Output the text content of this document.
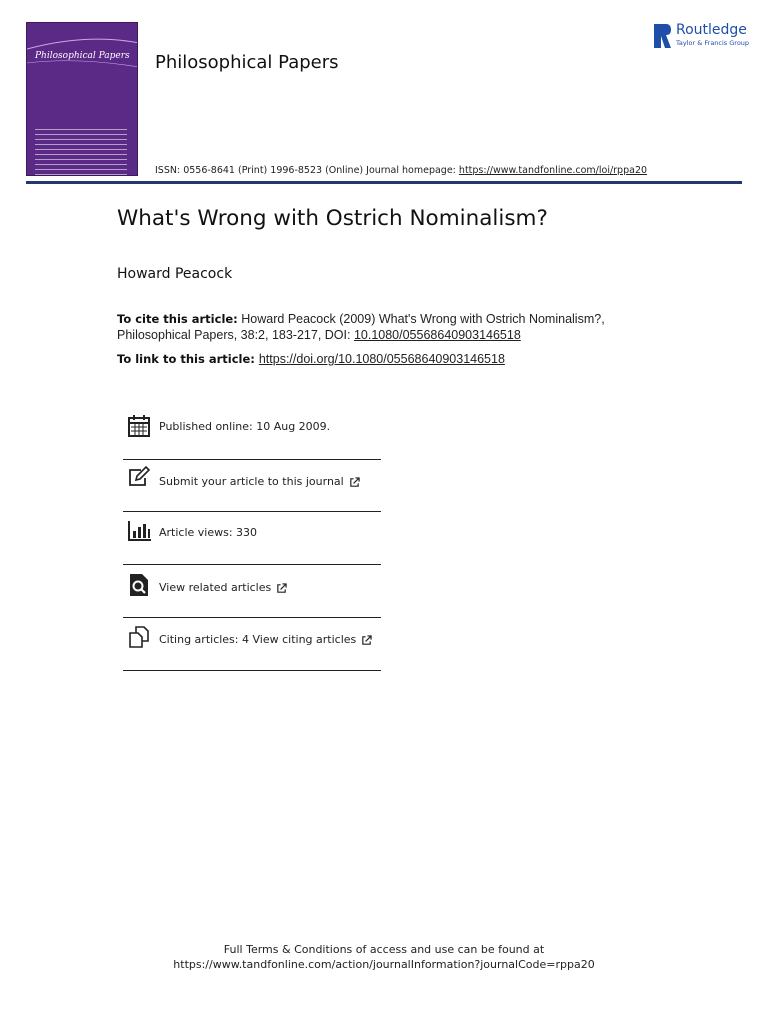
Philosophical Papers Philosophical Papers
ISSN: 0556-8641 (Print) 1996-8523 (Online) Journal homepage: https://www.tandfonline.com/loi/rppa20
Routledge
Taylor & Francis Group
What's Wrong with Ostrich Nominalism?
Howard Peacock
To cite this article: Howard Peacock (2009) What's Wrong with Ostrich Nominalism?, Philosophical Papers, 38:2, 183-217, DOI: 10.1080/05568640903146518
To link to this article: https://doi.org/10.1080/05568640903146518
Published online: 10 Aug 2009.
Submit your article to this journal
Article views: 330
View related articles
Citing articles: 4 View citing articles
Full Terms & Conditions of access and use can be found at
https://www.tandfonline.com/action/journalInformation?journalCode=rppa20
